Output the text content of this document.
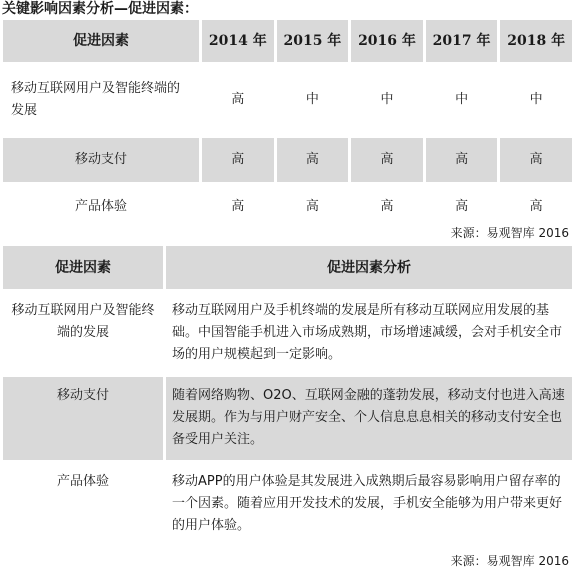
关键影响因素分析—促进因素：
促进因素	2014 年	2015 年	2016 年	2017 年	2018 年
移动互联网用户及智能终端的发展	高	中	中	中	中
移动支付	高	高	高	高	高
产品体验	高	高	高	高	高
来源：易观智库 2016
促进因素	促进因素分析
移动互联网用户及智能终端的发展	移动互联网用户及手机终端的发展是所有移动互联网应用发展的基础。中国智能手机进入市场成熟期，市场增速减缓，会对手机安全市场的用户规模起到一定影响。
移动支付	随着网络购物、O2O、互联网金融的蓬勃发展，移动支付也进入高速发展期。作为与用户财产安全、个人信息息息相关的移动支付安全也备受用户关注。
产品体验	移动APP的用户体验是其发展进入成熟期后最容易影响用户留存率的一个因素。随着应用开发技术的发展，手机安全能够为用户带来更好的用户体验。
来源：易观智库 2016
